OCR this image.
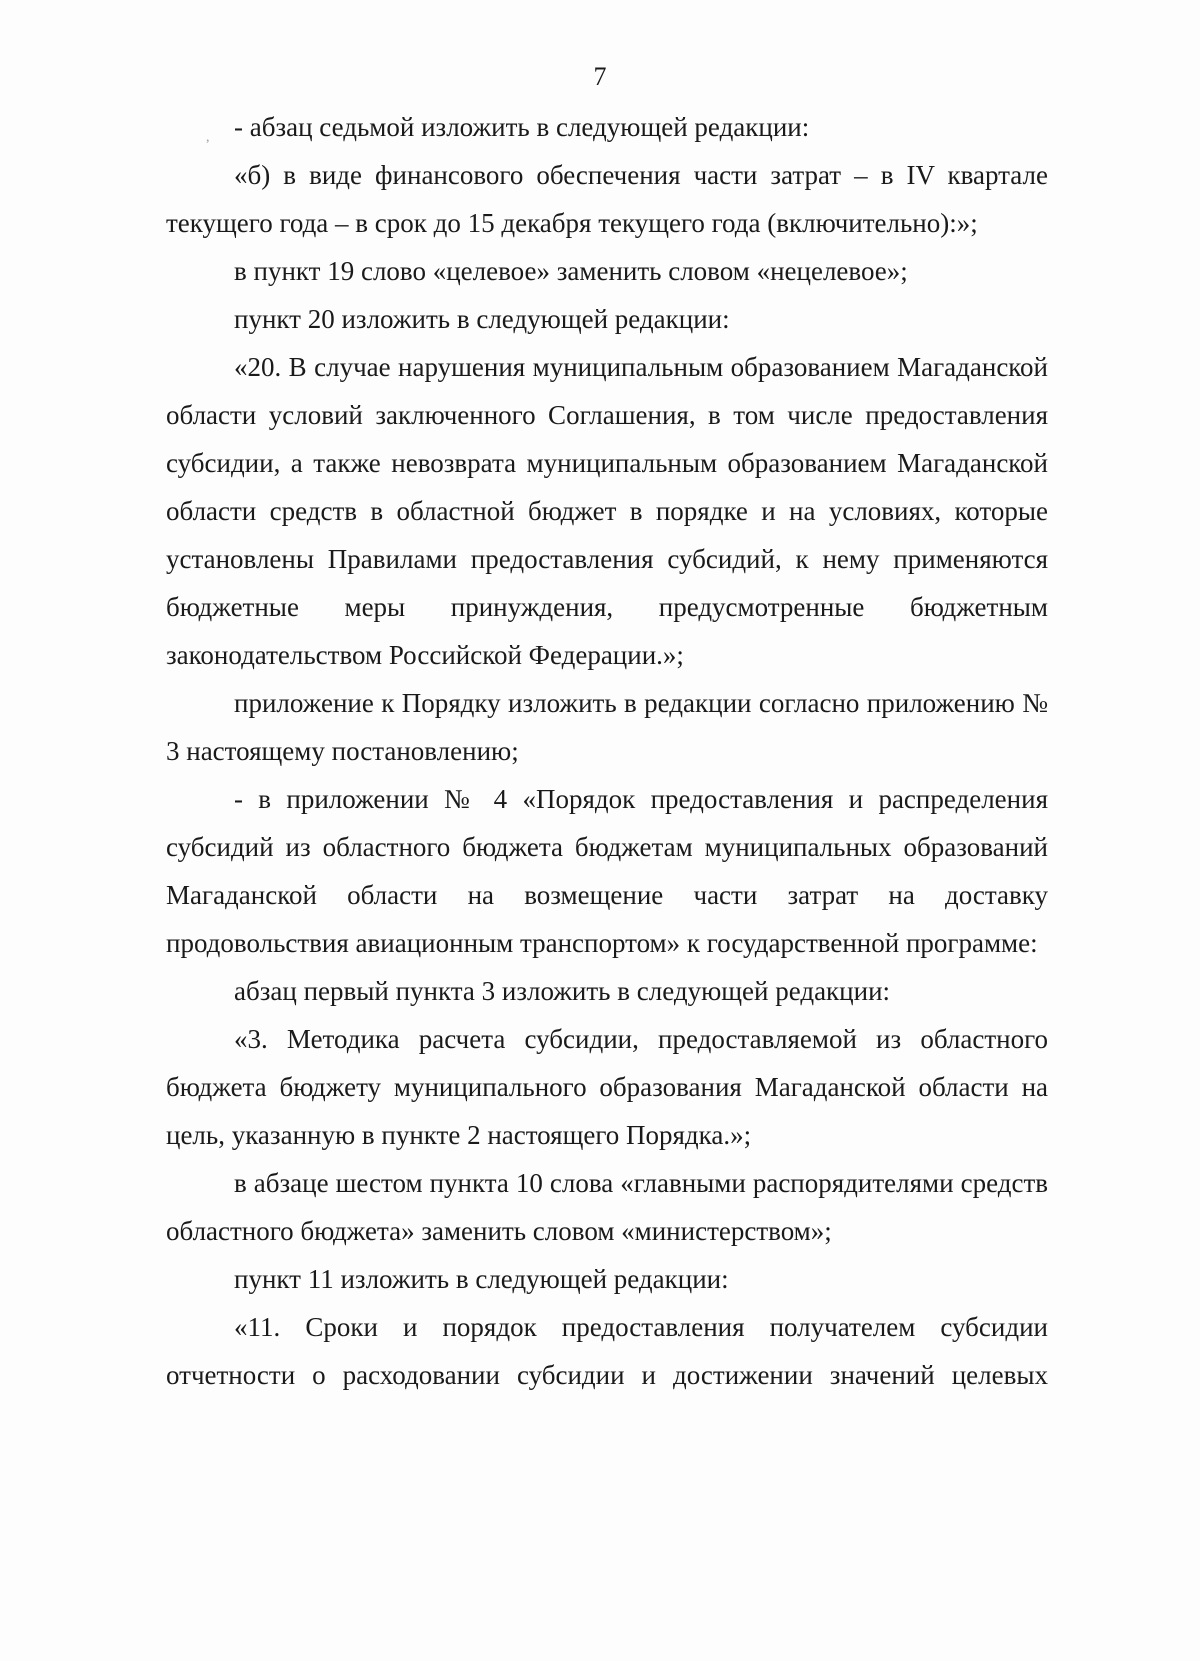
7
, - абзац седьмой изложить в следующей редакции:

«б) в виде финансового обеспечения части затрат – в IV квартале текущего года – в срок до 15 декабря текущего года (включительно):»;

в пункт 19 слово «целевое» заменить словом «нецелевое»;

пункт 20 изложить в следующей редакции:

«20. В случае нарушения муниципальным образованием Магаданской области условий заключенного Соглашения, в том числе предоставления субсидии, а также невозврата муниципальным образованием Магаданской области средств в областной бюджет в порядке и на условиях, которые установлены Правилами предоставления субсидий, к нему применяются бюджетные меры принуждения, предусмотренные бюджетным законодательством Российской Федерации.»;

приложение к Порядку изложить в редакции согласно приложению № 3 настоящему постановлению;

- в приложении № 4 «Порядок предоставления и распределения субсидий из областного бюджета бюджетам муниципальных образований Магаданской области на возмещение части затрат на доставку продовольствия авиационным транспортом» к государственной программе:

абзац первый пункта 3 изложить в следующей редакции:

«3. Методика расчета субсидии, предоставляемой из областного бюджета бюджету муниципального образования Магаданской области на цель, указанную в пункте 2 настоящего Порядка.»;

в абзаце шестом пункта 10 слова «главными распорядителями средств областного бюджета» заменить словом «министерством»;

пункт 11 изложить в следующей редакции:

«11. Сроки и порядок предоставления получателем субсидии отчетности о расходовании субсидии и достижении значений целевых
